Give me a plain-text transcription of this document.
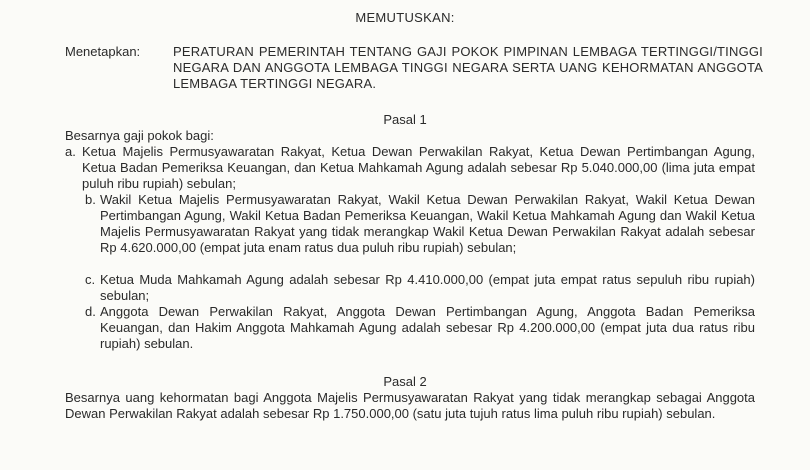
MEMUTUSKAN:
Menetapkan:	PERATURAN PEMERINTAH TENTANG GAJI POKOK PIMPINAN LEMBAGA TERTINGGI/TINGGI NEGARA DAN ANGGOTA LEMBAGA TINGGI NEGARA SERTA UANG KEHORMATAN ANGGOTA LEMBAGA TERTINGGI NEGARA.
Pasal 1
Besarnya gaji pokok bagi:
a. Ketua Majelis Permusyawaratan Rakyat, Ketua Dewan Perwakilan Rakyat, Ketua Dewan Pertimbangan Agung, Ketua Badan Pemeriksa Keuangan, dan Ketua Mahkamah Agung adalah sebesar Rp 5.040.000,00 (lima juta empat puluh ribu rupiah) sebulan;
b. Wakil Ketua Majelis Permusyawaratan Rakyat, Wakil Ketua Dewan Perwakilan Rakyat, Wakil Ketua Dewan Pertimbangan Agung, Wakil Ketua Badan Pemeriksa Keuangan, Wakil Ketua Mahkamah Agung dan Wakil Ketua Majelis Permusyawaratan Rakyat yang tidak merangkap Wakil Ketua Dewan Perwakilan Rakyat adalah sebesar Rp 4.620.000,00 (empat juta enam ratus dua puluh ribu rupiah) sebulan;
c. Ketua Muda Mahkamah Agung adalah sebesar Rp 4.410.000,00 (empat juta empat ratus sepuluh ribu rupiah) sebulan;
d. Anggota Dewan Perwakilan Rakyat, Anggota Dewan Pertimbangan Agung, Anggota Badan Pemeriksa Keuangan, dan Hakim Anggota Mahkamah Agung adalah sebesar Rp 4.200.000,00 (empat juta dua ratus ribu rupiah) sebulan.
Pasal 2
Besarnya uang kehormatan bagi Anggota Majelis Permusyawaratan Rakyat yang tidak merangkap sebagai Anggota Dewan Perwakilan Rakyat adalah sebesar Rp 1.750.000,00 (satu juta tujuh ratus lima puluh ribu rupiah) sebulan.
